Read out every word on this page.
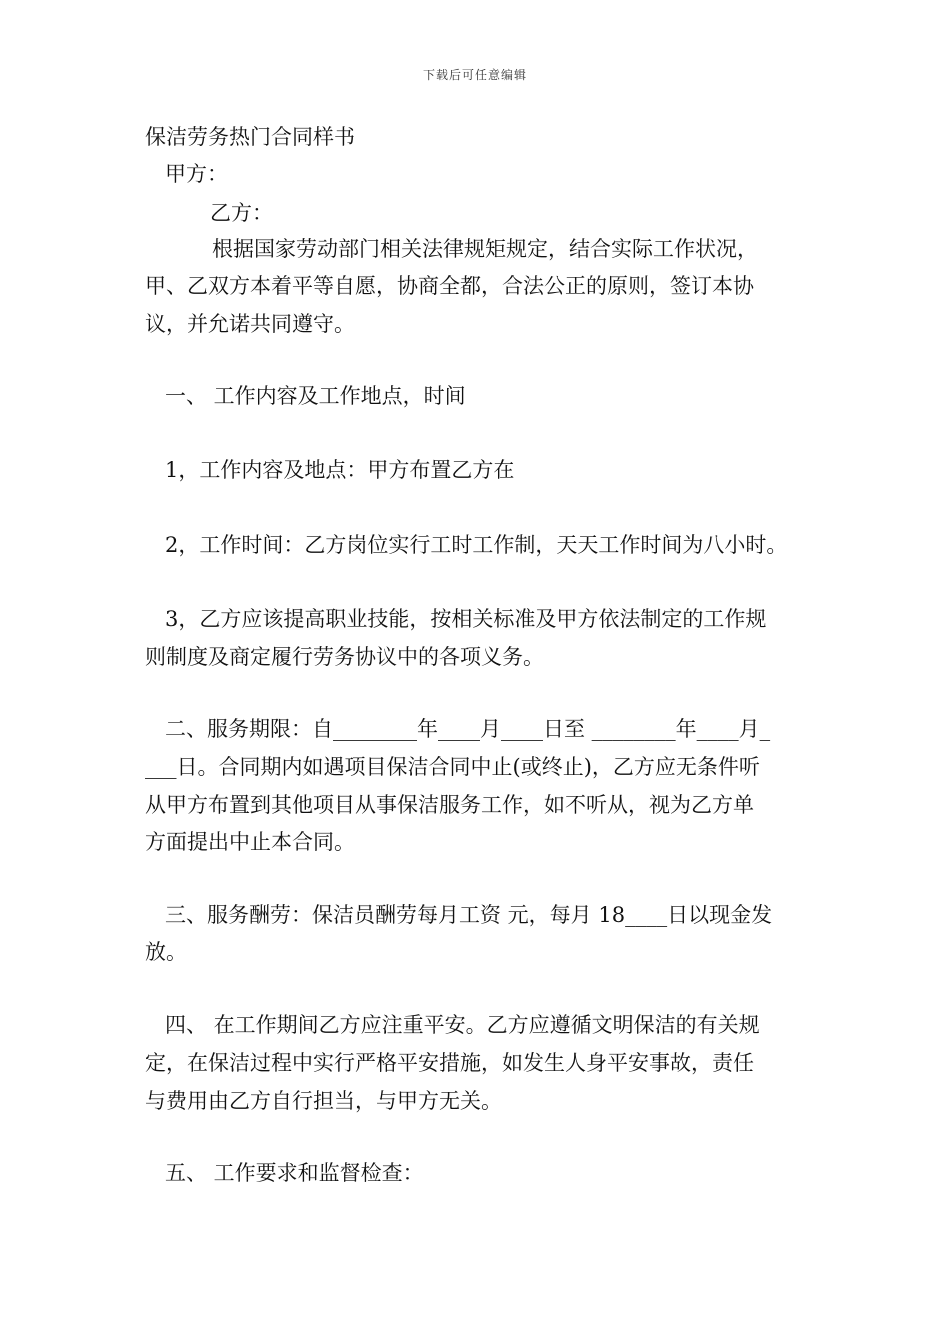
下载后可任意编辑
保洁劳务热门合同样书
甲方：
乙方：
根据国家劳动部门相关法律规矩规定，结合实际工作状况，
甲、乙双方本着平等自愿，协商全都，合法公正的原则，签订本协
议，并允诺共同遵守。
一、 工作内容及工作地点，时间
1，工作内容及地点：甲方布置乙方在
2，工作时间：乙方岗位实行工时工作制，天天工作时间为八小时。
3，乙方应该提高职业技能，按相关标准及甲方依法制定的工作规
则制度及商定履行劳务协议中的各项义务。
二、服务期限：自________年____月____日至 ________年____月_
___日。合同期内如遇项目保洁合同中止(或终止)，乙方应无条件听
从甲方布置到其他项目从事保洁服务工作，如不听从，视为乙方单
方面提出中止本合同。
三、服务酬劳：保洁员酬劳每月工资 元，每月 18____日以现金发
放。
四、 在工作期间乙方应注重平安。乙方应遵循文明保洁的有关规
定，在保洁过程中实行严格平安措施，如发生人身平安事故，责任
与费用由乙方自行担当，与甲方无关。
五、 工作要求和监督检查：
